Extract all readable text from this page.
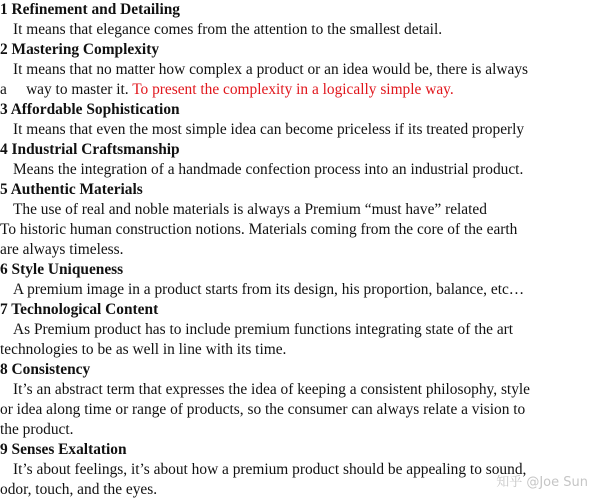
1 Refinement and Detailing
It means that elegance comes from the attention to the smallest detail.
2 Mastering Complexity
It means that no matter how complex a product or an idea would be, there is always
a     way to master it. To present the complexity in a logically simple way.
3 Affordable Sophistication
It means that even the most simple idea can become priceless if its treated properly
4 Industrial Craftsmanship
Means the integration of a handmade confection process into an industrial product.
5 Authentic Materials
The use of real and noble materials is always a Premium “must have” related
To historic human construction notions. Materials coming from the core of the earth
are always timeless.
6 Style Uniqueness
A premium image in a product starts from its design, his proportion, balance, etc…
7 Technological Content
As Premium product has to include premium functions integrating state of the art
technologies to be as well in line with its time.
8 Consistency
It’s an abstract term that expresses the idea of keeping a consistent philosophy, style
or idea along time or range of products, so the consumer can always relate a vision to
the product.
9 Senses Exaltation
It’s about feelings, it’s about how a premium product should be appealing to sound,
odor, touch, and the eyes.	知乎 @Joe Sun
